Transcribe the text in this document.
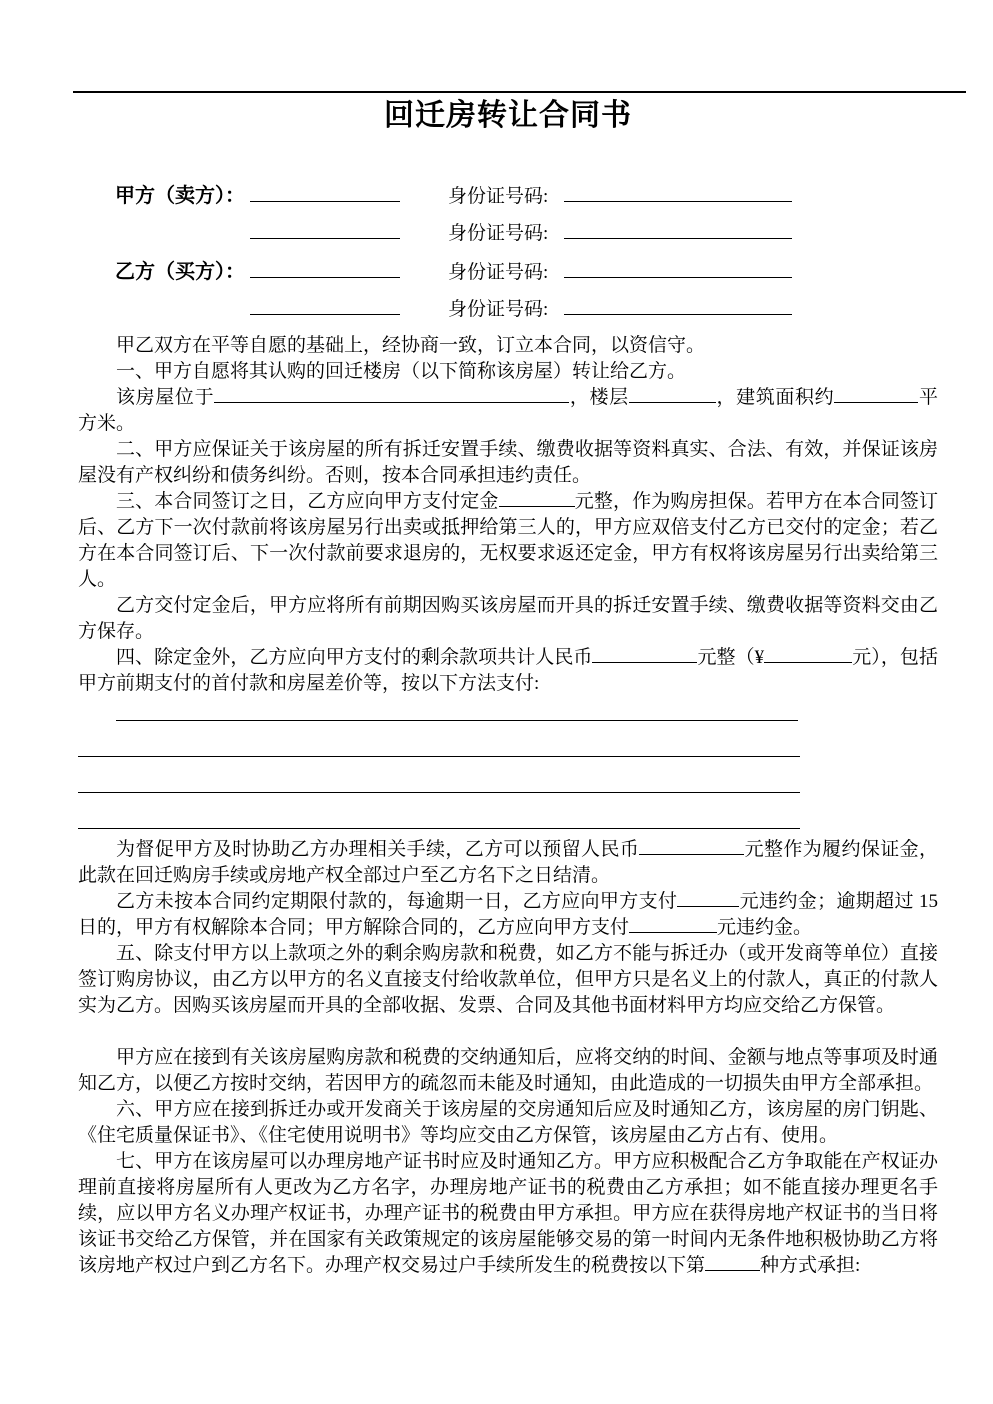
回迁房转让合同书
甲方（卖方）：	身份证号码:
身份证号码:
乙方（买方）：	身份证号码:
身份证号码:

甲乙双方在平等自愿的基础上，经协商一致，订立本合同，以资信守。

一、甲方自愿将其认购的回迁楼房（以下简称该房屋）转让给乙方。

该房屋位于	，楼层	，建筑面积约	平方米。

二、甲方应保证关于该房屋的所有拆迁安置手续、缴费收据等资料真实、合法、有效，并保证该房屋没有产权纠纷和债务纠纷。否则，按本合同承担违约责任。

三、本合同签订之日，乙方应向甲方支付定金	元整，作为购房担保。若甲方在本合同签订后、乙方下一次付款前将该房屋另行出卖或抵押给第三人的，甲方应双倍支付乙方已交付的定金；若乙方在本合同签订后、下一次付款前要求退房的，无权要求返还定金，甲方有权将该房屋另行出卖给第三人。

乙方交付定金后，甲方应将所有前期因购买该房屋而开具的拆迁安置手续、缴费收据等资料交由乙方保存。

四、除定金外，乙方应向甲方支付的剩余款项共计人民币	元整（¥	元），包括甲方前期支付的首付款和房屋差价等，按以下方法支付:

为督促甲方及时协助乙方办理相关手续，乙方可以预留人民币	元整作为履约保证金，此款在回迁购房手续或房地产权全部过户至乙方名下之日结清。

乙方未按本合同约定期限付款的，每逾期一日，乙方应向甲方支付	元违约金；逾期超过 15 日的，甲方有权解除本合同；甲方解除合同的，乙方应向甲方支付	元违约金。

五、除支付甲方以上款项之外的剩余购房款和税费，如乙方不能与拆迁办（或开发商等单位）直接签订购房协议，由乙方以甲方的名义直接支付给收款单位，但甲方只是名义上的付款人，真正的付款人实为乙方。因购买该房屋而开具的全部收据、发票、合同及其他书面材料甲方均应交给乙方保管。

甲方应在接到有关该房屋购房款和税费的交纳通知后，应将交纳的时间、金额与地点等事项及时通知乙方，以便乙方按时交纳，若因甲方的疏忽而未能及时通知，由此造成的一切损失由甲方全部承担。

六、甲方应在接到拆迁办或开发商关于该房屋的交房通知后应及时通知乙方，该房屋的房门钥匙、《住宅质量保证书》、《住宅使用说明书》等均应交由乙方保管，该房屋由乙方占有、使用。

七、甲方在该房屋可以办理房地产证书时应及时通知乙方。甲方应积极配合乙方争取能在产权证办理前直接将房屋所有人更改为乙方名字，办理房地产证书的税费由乙方承担；如不能直接办理更名手续，应以甲方名义办理产权证书，办理产证书的税费由甲方承担。甲方应在获得房地产权证书的当日将该证书交给乙方保管，并在国家有关政策规定的该房屋能够交易的第一时间内无条件地积极协助乙方将该房地产权过户到乙方名下。办理产权交易过户手续所发生的税费按以下第	种方式承担:
